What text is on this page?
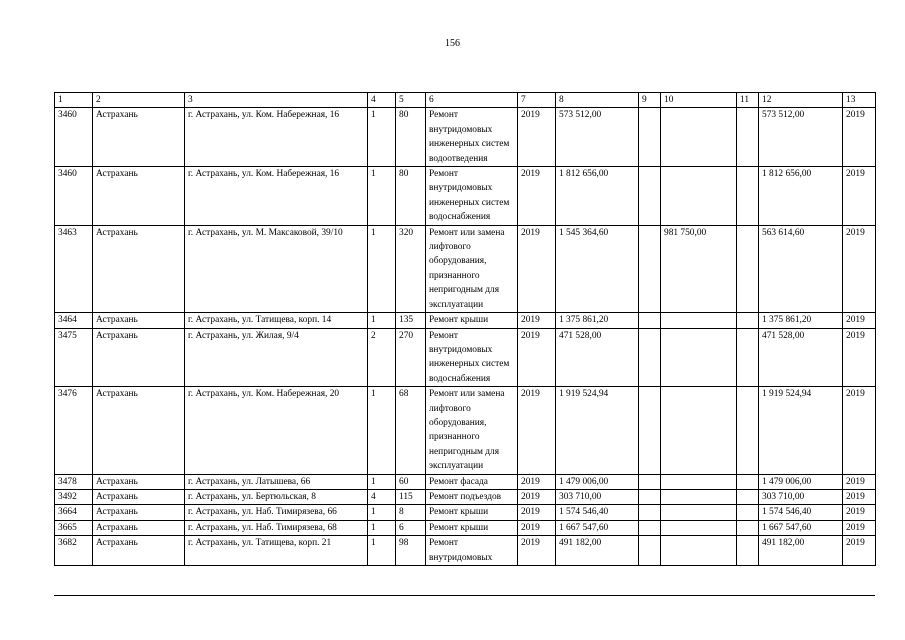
156
1	2	3	4	5	6	7	8	9	10	11	12	13
3460	Астрахань	г. Астрахань, ул. Ком. Набережная, 16	1	80	Ремонт внутридомовых инженерных систем водоотведения	2019	573 512,00				573 512,00	2019
3460	Астрахань	г. Астрахань, ул. Ком. Набережная, 16	1	80	Ремонт внутридомовых инженерных систем водоснабжения	2019	1 812 656,00				1 812 656,00	2019
3463	Астрахань	г. Астрахань, ул. М. Максаковой, 39/10	1	320	Ремонт или замена лифтового оборудования, признанного непригодным для эксплуатации	2019	1 545 364,60		981 750,00		563 614,60	2019
3464	Астрахань	г. Астрахань, ул. Татищева, корп. 14	1	135	Ремонт крыши	2019	1 375 861,20				1 375 861,20	2019
3475	Астрахань	г. Астрахань, ул. Жилая, 9/4	2	270	Ремонт внутридомовых инженерных систем водоснабжения	2019	471 528,00				471 528,00	2019
3476	Астрахань	г. Астрахань, ул. Ком. Набережная, 20	1	68	Ремонт или замена лифтового оборудования, признанного непригодным для эксплуатации	2019	1 919 524,94				1 919 524,94	2019
3478	Астрахань	г. Астрахань, ул. Латышева, 66	1	60	Ремонт фасада	2019	1 479 006,00				1 479 006,00	2019
3492	Астрахань	г. Астрахань, ул. Бертюльская, 8	4	115	Ремонт подъездов	2019	303 710,00				303 710,00	2019
3664	Астрахань	г. Астрахань, ул. Наб. Тимирязева, 66	1	8	Ремонт крыши	2019	1 574 546,40				1 574 546,40	2019
3665	Астрахань	г. Астрахань, ул. Наб. Тимирязева, 68	1	6	Ремонт крыши	2019	1 667 547,60				1 667 547,60	2019
3682	Астрахань	г. Астрахань, ул. Татищева, корп. 21	1	98	Ремонт внутридомовых	2019	491 182,00				491 182,00	2019
